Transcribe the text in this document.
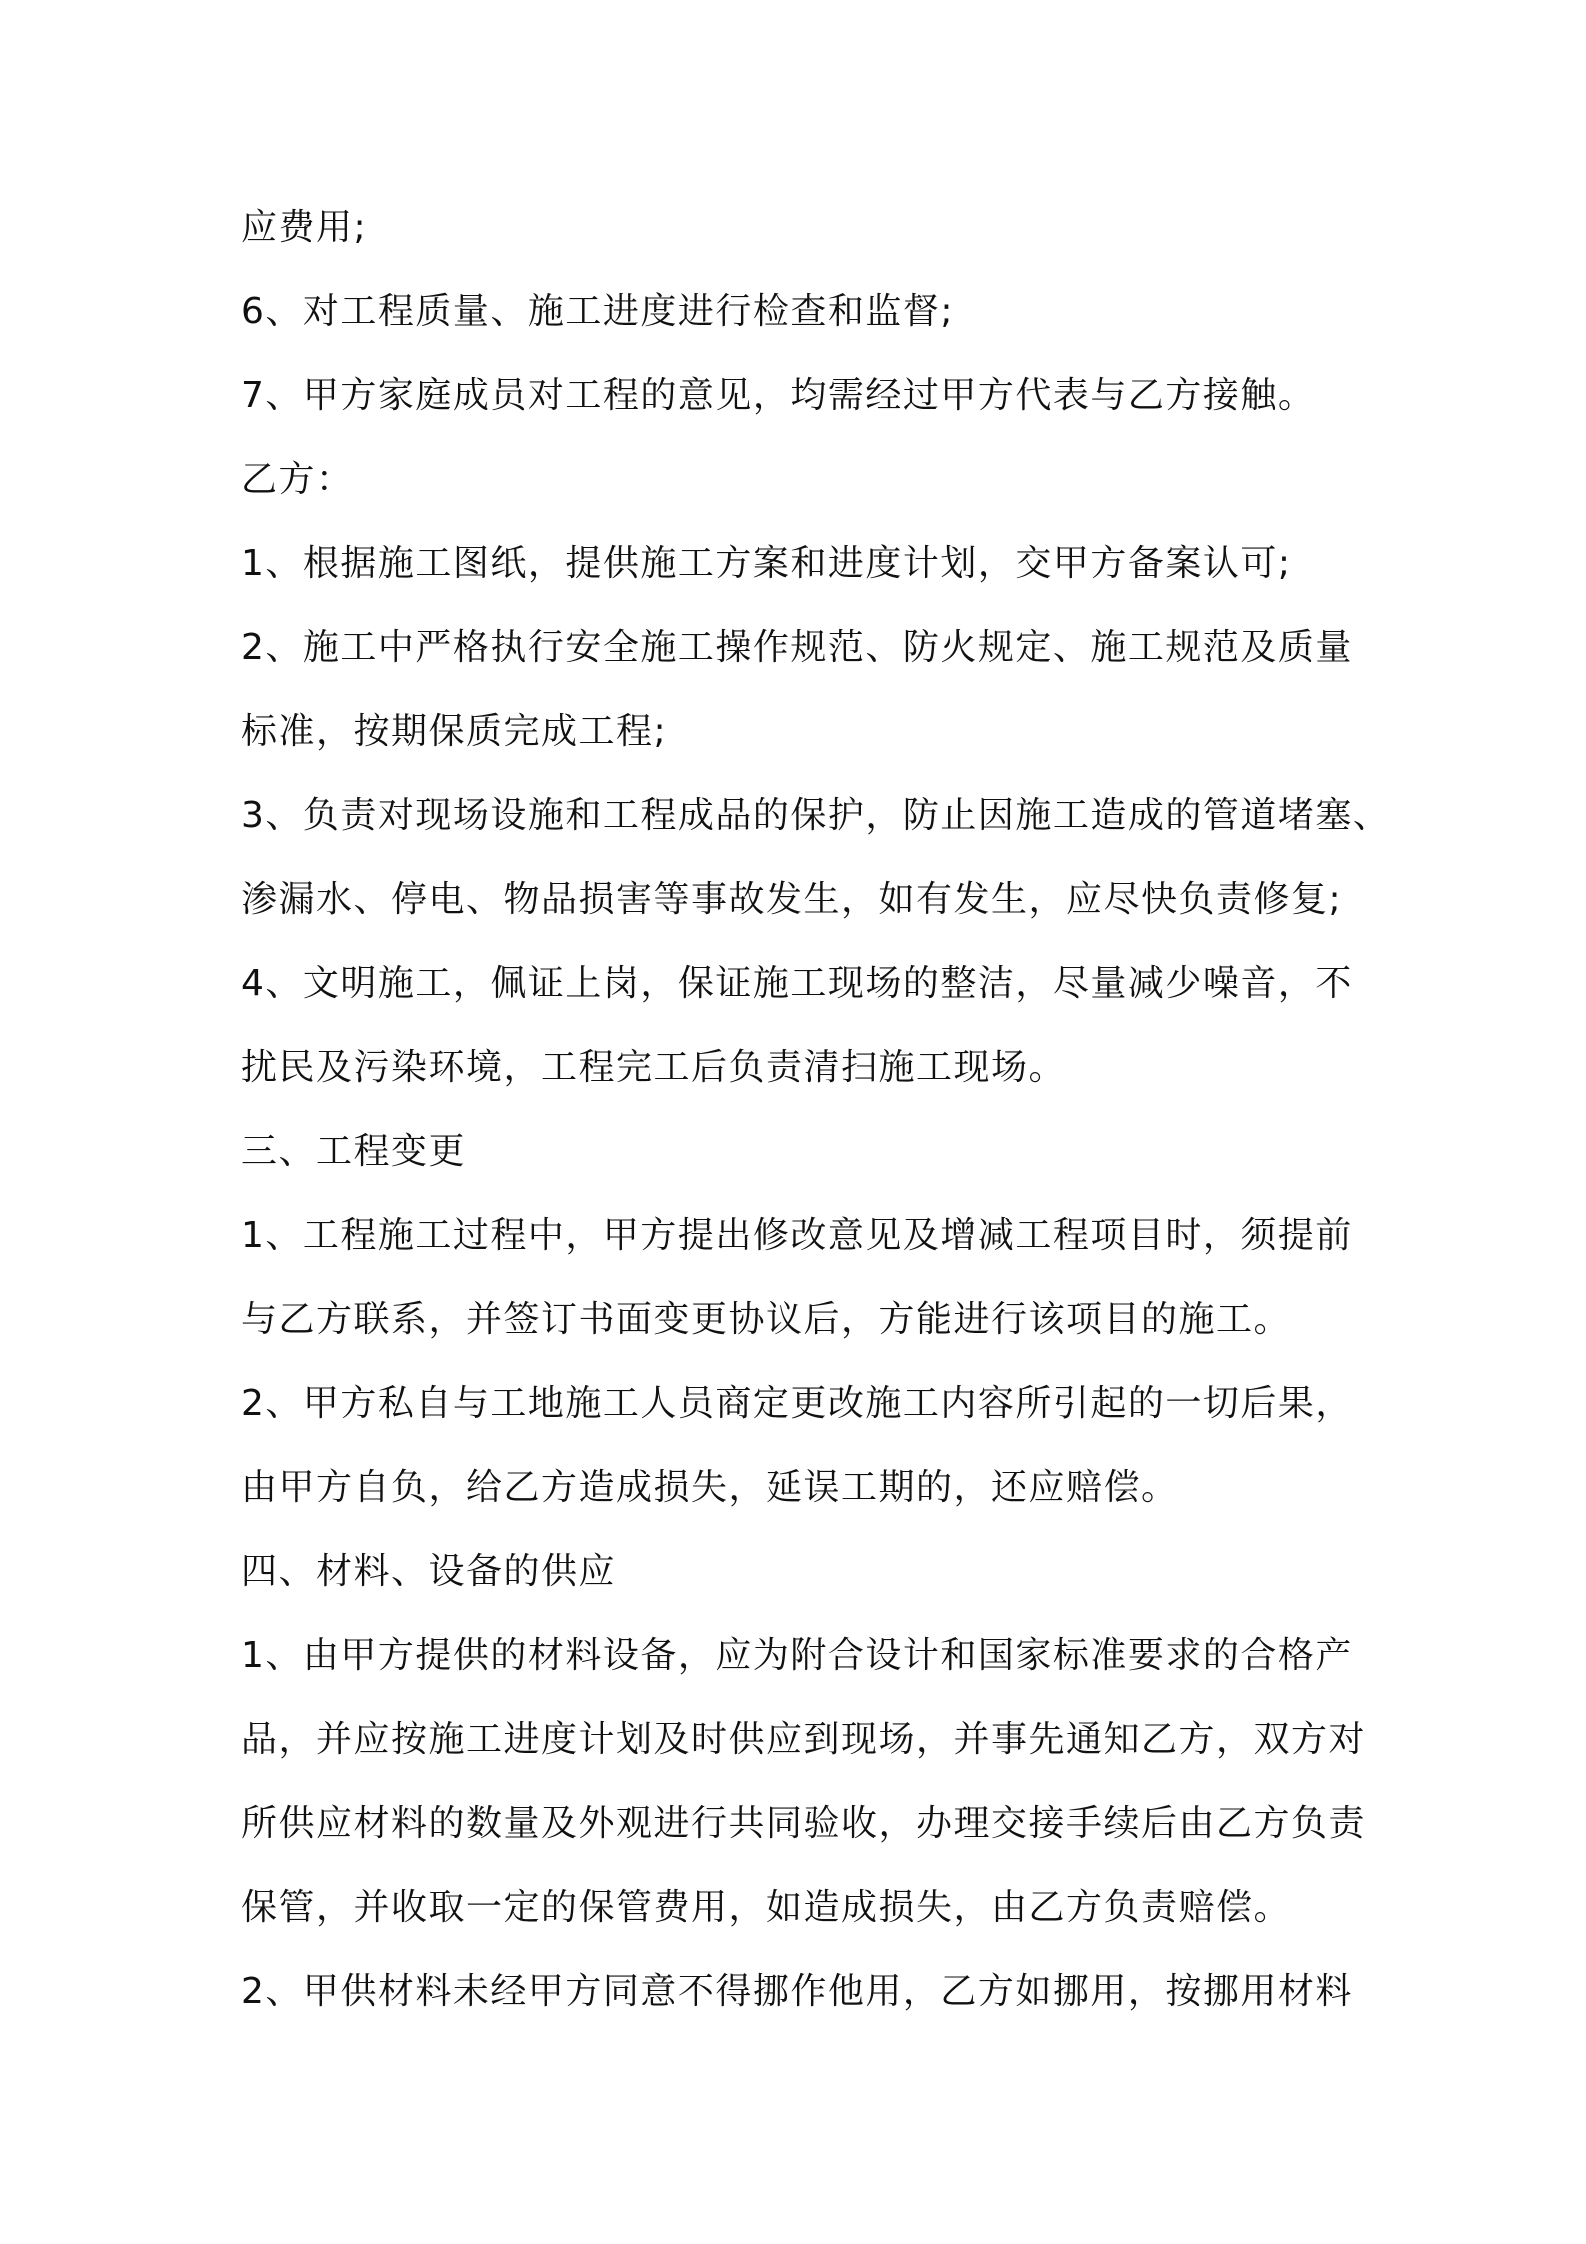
应费用;

6、对工程质量、施工进度进行检查和监督;

7、甲方家庭成员对工程的意见，均需经过甲方代表与乙方接触。

乙方：

1、根据施工图纸，提供施工方案和进度计划，交甲方备案认可;

2、施工中严格执行安全施工操作规范、防火规定、施工规范及质量

标准，按期保质完成工程;

3、负责对现场设施和工程成品的保护，防止因施工造成的管道堵塞、

渗漏水、停电、物品损害等事故发生，如有发生，应尽快负责修复;

4、文明施工，佩证上岗，保证施工现场的整洁，尽量减少噪音，不

扰民及污染环境，工程完工后负责清扫施工现场。

三、工程变更

1、工程施工过程中，甲方提出修改意见及增减工程项目时，须提前

与乙方联系，并签订书面变更协议后，方能进行该项目的施工。

2、甲方私自与工地施工人员商定更改施工内容所引起的一切后果，

由甲方自负，给乙方造成损失，延误工期的，还应赔偿。

四、材料、设备的供应

1、由甲方提供的材料设备，应为附合设计和国家标准要求的合格产

品，并应按施工进度计划及时供应到现场，并事先通知乙方，双方对

所供应材料的数量及外观进行共同验收，办理交接手续后由乙方负责

保管，并收取一定的保管费用，如造成损失，由乙方负责赔偿。

2、甲供材料未经甲方同意不得挪作他用，乙方如挪用，按挪用材料
